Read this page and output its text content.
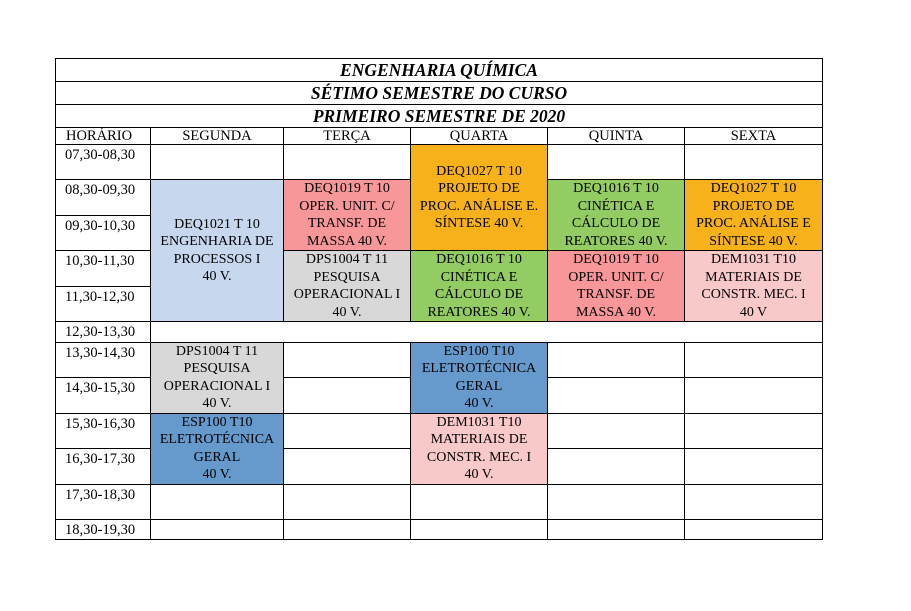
ENGENHARIA QUÍMICA					
SÉTIMO SEMESTRE DO CURSO					
PRIMEIRO SEMESTRE DE 2020					
HORÁRIO	SEGUNDA	TERÇA	QUARTA	QUINTA	SEXTA
07,30-08,30			DEQ1027 T 10
PROJETO DE
PROC. ANÁLISE E.
SÍNTESE 40 V.		

08,30-09,30	DEQ1021 T 10
ENGENHARIA DE
PROCESSOS I
40 V.	DEQ1019 T 10
OPER. UNIT. C/
TRANSF. DE
MASSA 40 V.		DEQ1016 T 10
CINÉTICA E
CÁLCULO DE
REATORES 40 V.	DEQ1027 T 10
PROJETO DE
PROC. ANÁLISE E
SÍNTESE 40 V.

09,30-10,30					
10,30-11,30		DPS1004 T 11
PESQUISA
OPERACIONAL I
40 V.	DEQ1016 T 10
CINÉTICA E
CÁLCULO DE
REATORES 40 V.	DEQ1019 T 10
OPER. UNIT. C/
TRANSF. DE
MASSA 40 V.	DEM1031 T10
MATERIAIS DE
CONSTR. MEC. I
40 V

11,30-12,30					
12,30-13,30					
13,30-14,30	DPS1004 T 11
PESQUISA
OPERACIONAL I
40 V.		ESP100 T10
ELETROTÉCNICA
GERAL
40 V.		

14,30-15,30					
15,30-16,30	ESP100 T10
ELETROTÉCNICA
GERAL
40 V.		DEM1031 T10
MATERIAIS DE
CONSTR. MEC. I
40 V.		

16,30-17,30					
17,30-18,30					
18,30-19,30					
